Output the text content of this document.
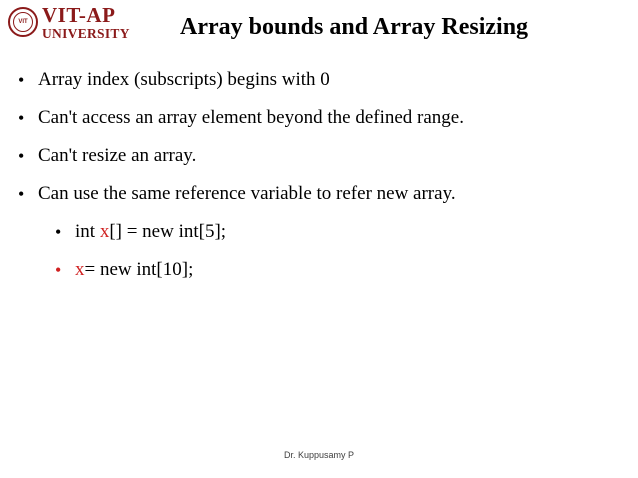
VIT VIT-AP
UNIVERSITY Array bounds and Array Resizing
• Array index (subscripts) begins with 0
• Can't access an array element beyond the defined range.
• Can't resize an array.
• Can use the same reference variable to refer new array.
• int x[] = new int[5];
• x= new int[10];
Dr. Kuppusamy P
